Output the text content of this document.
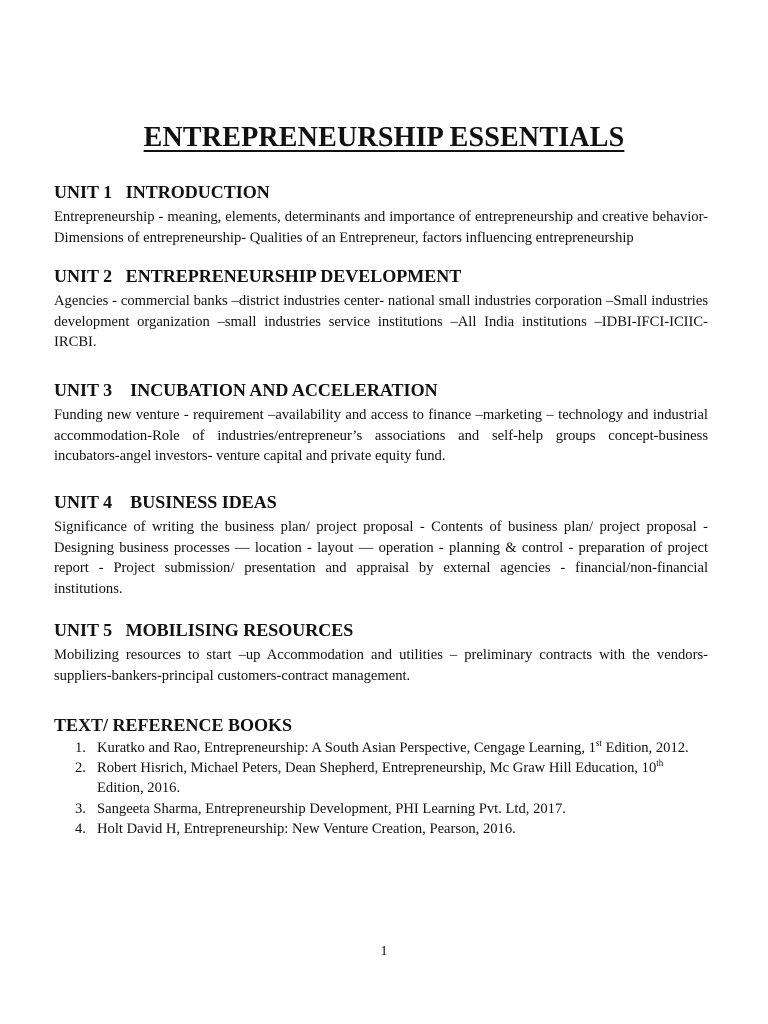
ENTREPRENEURSHIP ESSENTIALS
UNIT 1   INTRODUCTION
Entrepreneurship - meaning, elements, determinants and importance of entrepreneurship and creative behavior- Dimensions of entrepreneurship- Qualities of an Entrepreneur, factors influencing entrepreneurship
UNIT 2   ENTREPRENEURSHIP DEVELOPMENT
Agencies - commercial banks –district industries center- national small industries corporation –Small industries development organization –small industries service institutions –All India institutions –IDBI-IFCI-ICIIC-IRCBI.
UNIT 3    INCUBATION AND ACCELERATION
Funding new venture - requirement –availability and access to finance –marketing – technology and industrial accommodation-Role of industries/entrepreneur’s associations and self-help groups concept-business incubators-angel investors- venture capital and private equity fund.
UNIT 4    BUSINESS IDEAS
Significance of writing the business plan/ project proposal - Contents of business plan/ project proposal - Designing business processes — location - layout — operation - planning & control - preparation of project report - Project submission/ presentation and appraisal by external agencies - financial/non-financial institutions.
UNIT 5   MOBILISING RESOURCES
Mobilizing resources to start –up Accommodation and utilities – preliminary contracts with the vendors-suppliers-bankers-principal customers-contract management.
TEXT/ REFERENCE BOOKS
1. Kuratko and Rao, Entrepreneurship: A South Asian Perspective, Cengage Learning, 1st Edition, 2012.
2. Robert Hisrich, Michael Peters, Dean Shepherd, Entrepreneurship, Mc Graw Hill Education, 10th Edition, 2016.
3. Sangeeta Sharma, Entrepreneurship Development, PHI Learning Pvt. Ltd, 2017.
4. Holt David H, Entrepreneurship: New Venture Creation, Pearson, 2016.
1
